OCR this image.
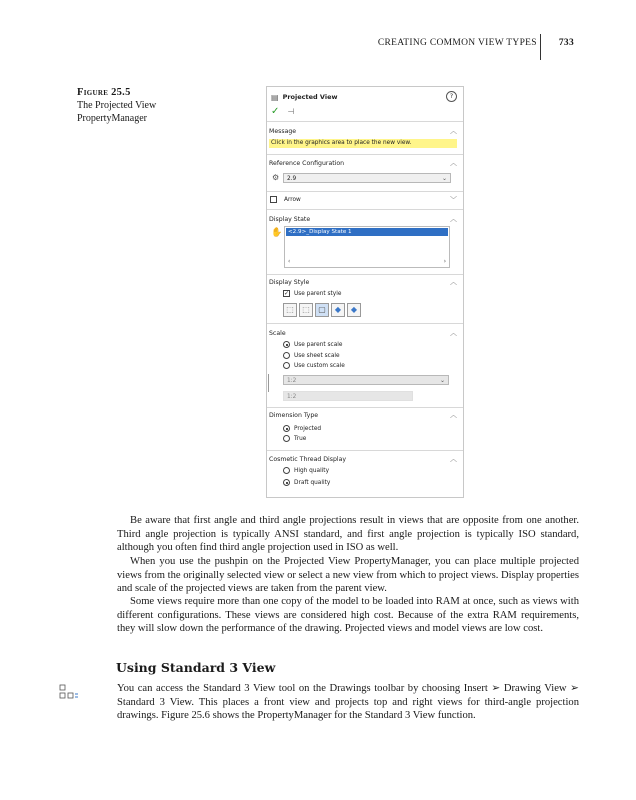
CREATING COMMON VIEW TYPES	733
Figure 25.5
The Projected View PropertyManager
▤ Projected View	?
✓ ⊣
Message	︿
Click in the graphics area to place the new view.
Reference Configuration	︿
⚙	2.9	⌄
Arrow	﹀
Display State	︿
✋
Display Style	︿
✓ Use parent style
Scale	︿
Use parent scale
Use sheet scale
Use custom scale
1:2	⌄
1:2
Dimension Type	︿
Projected
True
Cosmetic Thread Display	︿
High quality
Draft quality
<2.9>_Display State 1
‹	›
⬚	⬚	▢	◆	◆
Be aware that first angle and third angle projections result in views that are opposite from one another. Third angle projection is typically ANSI standard, and first angle projection is typically ISO standard, although you often find third angle projection used in ISO as well.
When you use the pushpin on the Projected View PropertyManager, you can place multiple projected views from the originally selected view or select a new view from which to project views. Display properties and scale of the projected views are taken from the parent view.
Some views require more than one copy of the model to be loaded into RAM at once, such as views with different configurations. These views are considered high cost. Because of the extra RAM requirements, they will slow down the performance of the drawing. Projected views and model views are low cost.
Using Standard 3 View
You can access the Standard 3 View tool on the Drawings toolbar by choosing Insert ➢ Drawing View ➢ Standard 3 View. This places a front view and projects top and right views for third-angle projection drawings. Figure 25.6 shows the PropertyManager for the Standard 3 View function.
